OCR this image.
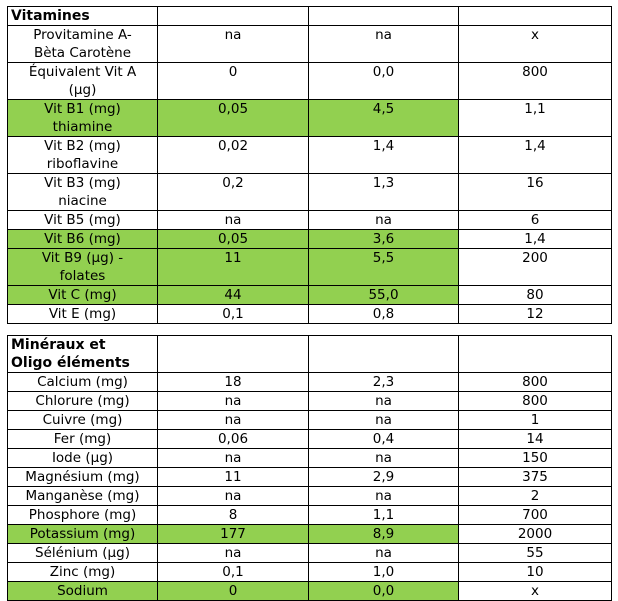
Vitamines			
Provitamine A-
Bèta Carotène	na	na	x
Équivalent Vit A
(µg)	0	0,0	800
Vit B1 (mg)
thiamine	0,05	4,5	1,1
Vit B2 (mg)
riboflavine	0,02	1,4	1,4
Vit B3 (mg)
niacine	0,2	1,3	16
Vit B5 (mg)	na	na	6
Vit B6 (mg)	0,05	3,6	1,4
Vit B9 (µg) -
folates	11	5,5	200
Vit C (mg)	44	55,0	80
Vit E (mg)	0,1	0,8	12
Minéraux et
Oligo éléments			
Calcium (mg)	18	2,3	800
Chlorure (mg)	na	na	800
Cuivre (mg)	na	na	1
Fer (mg)	0,06	0,4	14
Iode (µg)	na	na	150
Magnésium (mg)	11	2,9	375
Manganèse (mg)	na	na	2
Phosphore (mg)	8	1,1	700
Potassium (mg)	177	8,9	2000
Sélénium (µg)	na	na	55
Zinc (mg)	0,1	1,0	10
Sodium	0	0,0	x
